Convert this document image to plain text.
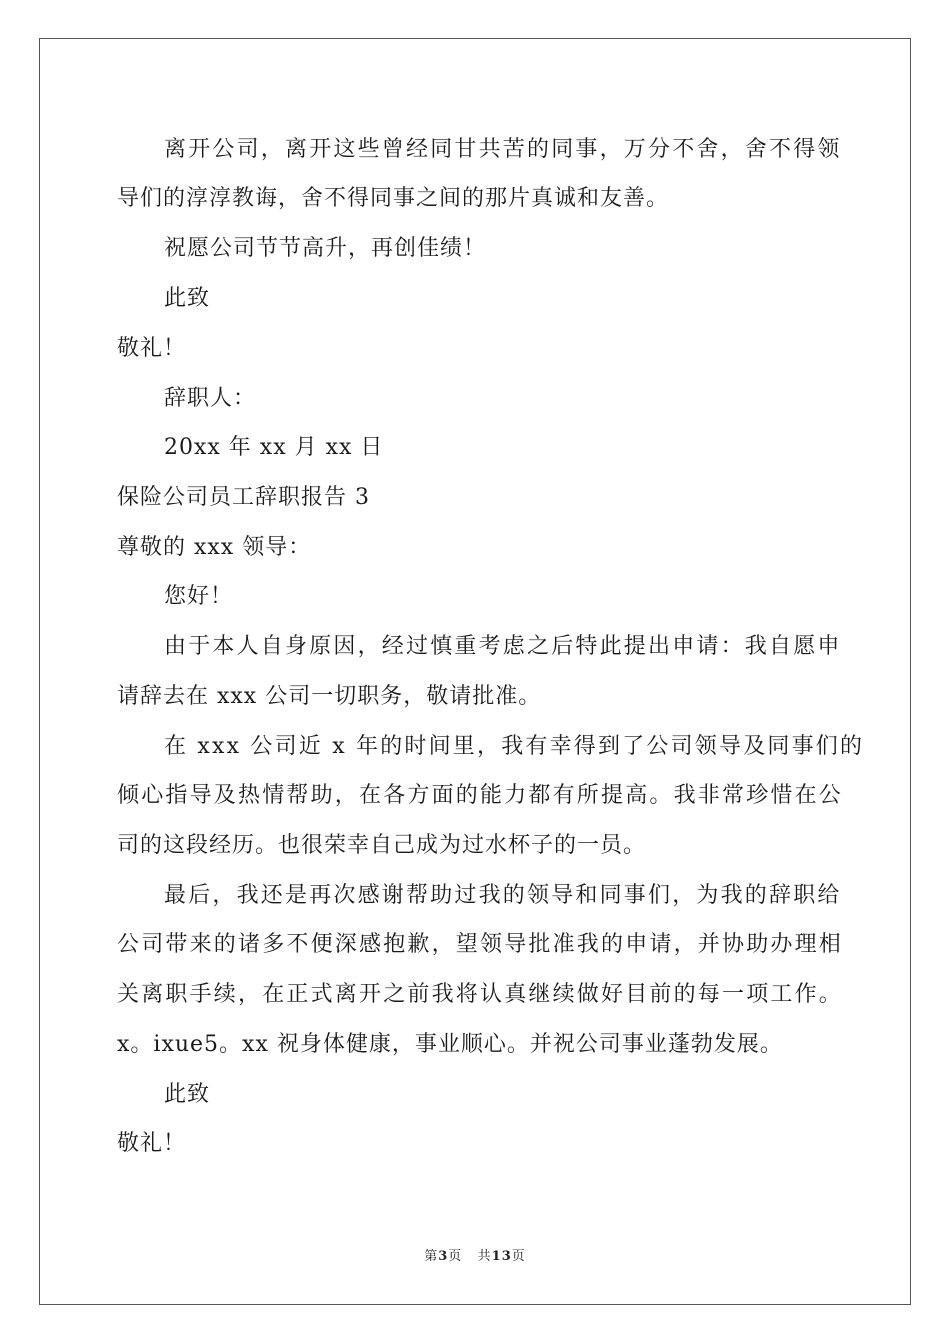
离开公司，离开这些曾经同甘共苦的同事，万分不舍，舍不得领
导们的淳淳教诲，舍不得同事之间的那片真诚和友善。
祝愿公司节节高升，再创佳绩！
此致
敬礼！
辞职人：
20xx 年 xx 月 xx 日
保险公司员工辞职报告 3
尊敬的 xxx 领导：
您好！
由于本人自身原因，经过慎重考虑之后特此提出申请：我自愿申
请辞去在 xxx 公司一切职务，敬请批准。
在 xxx 公司近 x 年的时间里，我有幸得到了公司领导及同事们的
倾心指导及热情帮助，在各方面的能力都有所提高。我非常珍惜在公
司的这段经历。也很荣幸自己成为过水杯子的一员。
最后，我还是再次感谢帮助过我的领导和同事们，为我的辞职给
公司带来的诸多不便深感抱歉，望领导批准我的申请，并协助办理相
关离职手续，在正式离开之前我将认真继续做好目前的每一项工作。
x。ixue5。xx 祝身体健康，事业顺心。并祝公司事业蓬勃发展。
此致
敬礼！
第3页   共13页
